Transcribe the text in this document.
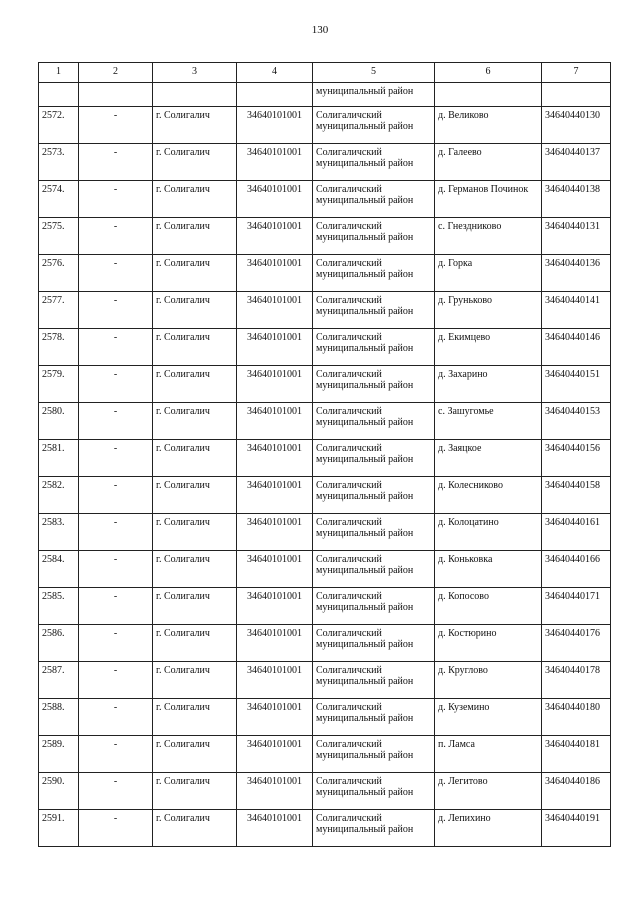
130
1	2	3	4	5	6	7
				муниципальный район		
2572.	-	г. Солигалич	34640101001	Солигаличский
муниципальный район	д. Великово	34640440130
2573.	-	г. Солигалич	34640101001	Солигаличский
муниципальный район	д. Галеево	34640440137
2574.	-	г. Солигалич	34640101001	Солигаличский
муниципальный район	д. Германов Починок	34640440138
2575.	-	г. Солигалич	34640101001	Солигаличский
муниципальный район	с. Гнездниково	34640440131
2576.	-	г. Солигалич	34640101001	Солигаличский
муниципальный район	д. Горка	34640440136
2577.	-	г. Солигалич	34640101001	Солигаличский
муниципальный район	д. Груньково	34640440141
2578.	-	г. Солигалич	34640101001	Солигаличский
муниципальный район	д. Екимцево	34640440146
2579.	-	г. Солигалич	34640101001	Солигаличский
муниципальный район	д. Захарино	34640440151
2580.	-	г. Солигалич	34640101001	Солигаличский
муниципальный район	с. Зашугомье	34640440153
2581.	-	г. Солигалич	34640101001	Солигаличский
муниципальный район	д. Заяцкое	34640440156
2582.	-	г. Солигалич	34640101001	Солигаличский
муниципальный район	д. Колесниково	34640440158
2583.	-	г. Солигалич	34640101001	Солигаличский
муниципальный район	д. Колоцатино	34640440161
2584.	-	г. Солигалич	34640101001	Солигаличский
муниципальный район	д. Коньковка	34640440166
2585.	-	г. Солигалич	34640101001	Солигаличский
муниципальный район	д. Копосово	34640440171
2586.	-	г. Солигалич	34640101001	Солигаличский
муниципальный район	д. Костюрино	34640440176
2587.	-	г. Солигалич	34640101001	Солигаличский
муниципальный район	д. Круглово	34640440178
2588.	-	г. Солигалич	34640101001	Солигаличский
муниципальный район	д. Куземино	34640440180
2589.	-	г. Солигалич	34640101001	Солигаличский
муниципальный район	п. Ламса	34640440181
2590.	-	г. Солигалич	34640101001	Солигаличский
муниципальный район	д. Легитово	34640440186
2591.	-	г. Солигалич	34640101001	Солигаличский
муниципальный район	д. Лепихино	34640440191
